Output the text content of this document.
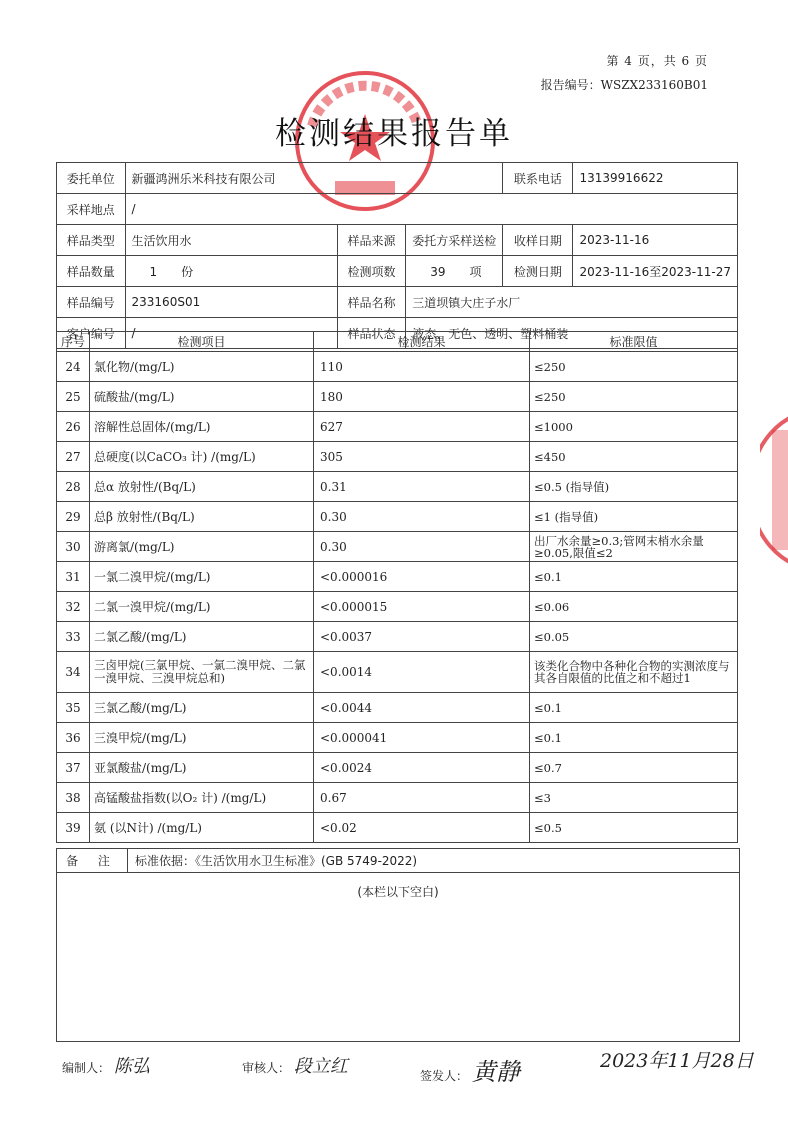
第 4 页，共 6 页
报告编号：WSZX233160B01
检测结果报告单
委托单位	新疆鸿洲乐米科技有限公司			联系电话	13139916622
采样地点	/				
样品类型	生活饮用水	样品来源	委托方采样送检	收样日期	2023-11-16
样品数量	1　　份	检测项数	39　　项	检测日期	2023-11-16至2023-11-27
样品编号	233160S01	样品名称	三道坝镇大庄子水厂		
客户编号	/	样品状态	液态、无色、透明、塑料桶装		
序号	检测项目	检测结果	标准限值
24	氯化物/(mg/L)	110	≤250
25	硫酸盐/(mg/L)	180	≤250
26	溶解性总固体/(mg/L)	627	≤1000
27	总硬度(以CaCO₃ 计) /(mg/L)	305	≤450
28	总α 放射性/(Bq/L)	0.31	≤0.5 (指导值)
29	总β 放射性/(Bq/L)	0.30	≤1 (指导值)
30	游离氯/(mg/L)	0.30	出厂水余量≥0.3;管网末梢水余量≥0.05,限值≤2
31	一氯二溴甲烷/(mg/L)	<0.000016	≤0.1
32	二氯一溴甲烷/(mg/L)	<0.000015	≤0.06
33	二氯乙酸/(mg/L)	<0.0037	≤0.05
34	三卤甲烷(三氯甲烷、一氯二溴甲烷、二氯一溴甲烷、三溴甲烷总和)	<0.0014	该类化合物中各种化合物的实测浓度与其各自限值的比值之和不超过1
35	三氯乙酸/(mg/L)	<0.0044	≤0.1
36	三溴甲烷/(mg/L)	<0.000041	≤0.1
37	亚氯酸盐/(mg/L)	<0.0024	≤0.7
38	高锰酸盐指数(以O₂ 计) /(mg/L)	0.67	≤3
39	氨 (以N计) /(mg/L)	<0.02	≤0.5
备 注	标准依据：《生活饮用水卫生标准》(GB 5749-2022)
(本栏以下空白)
编制人： 陈弘	审核人： 段立红	签发人： 黄静	2023年11月28日
